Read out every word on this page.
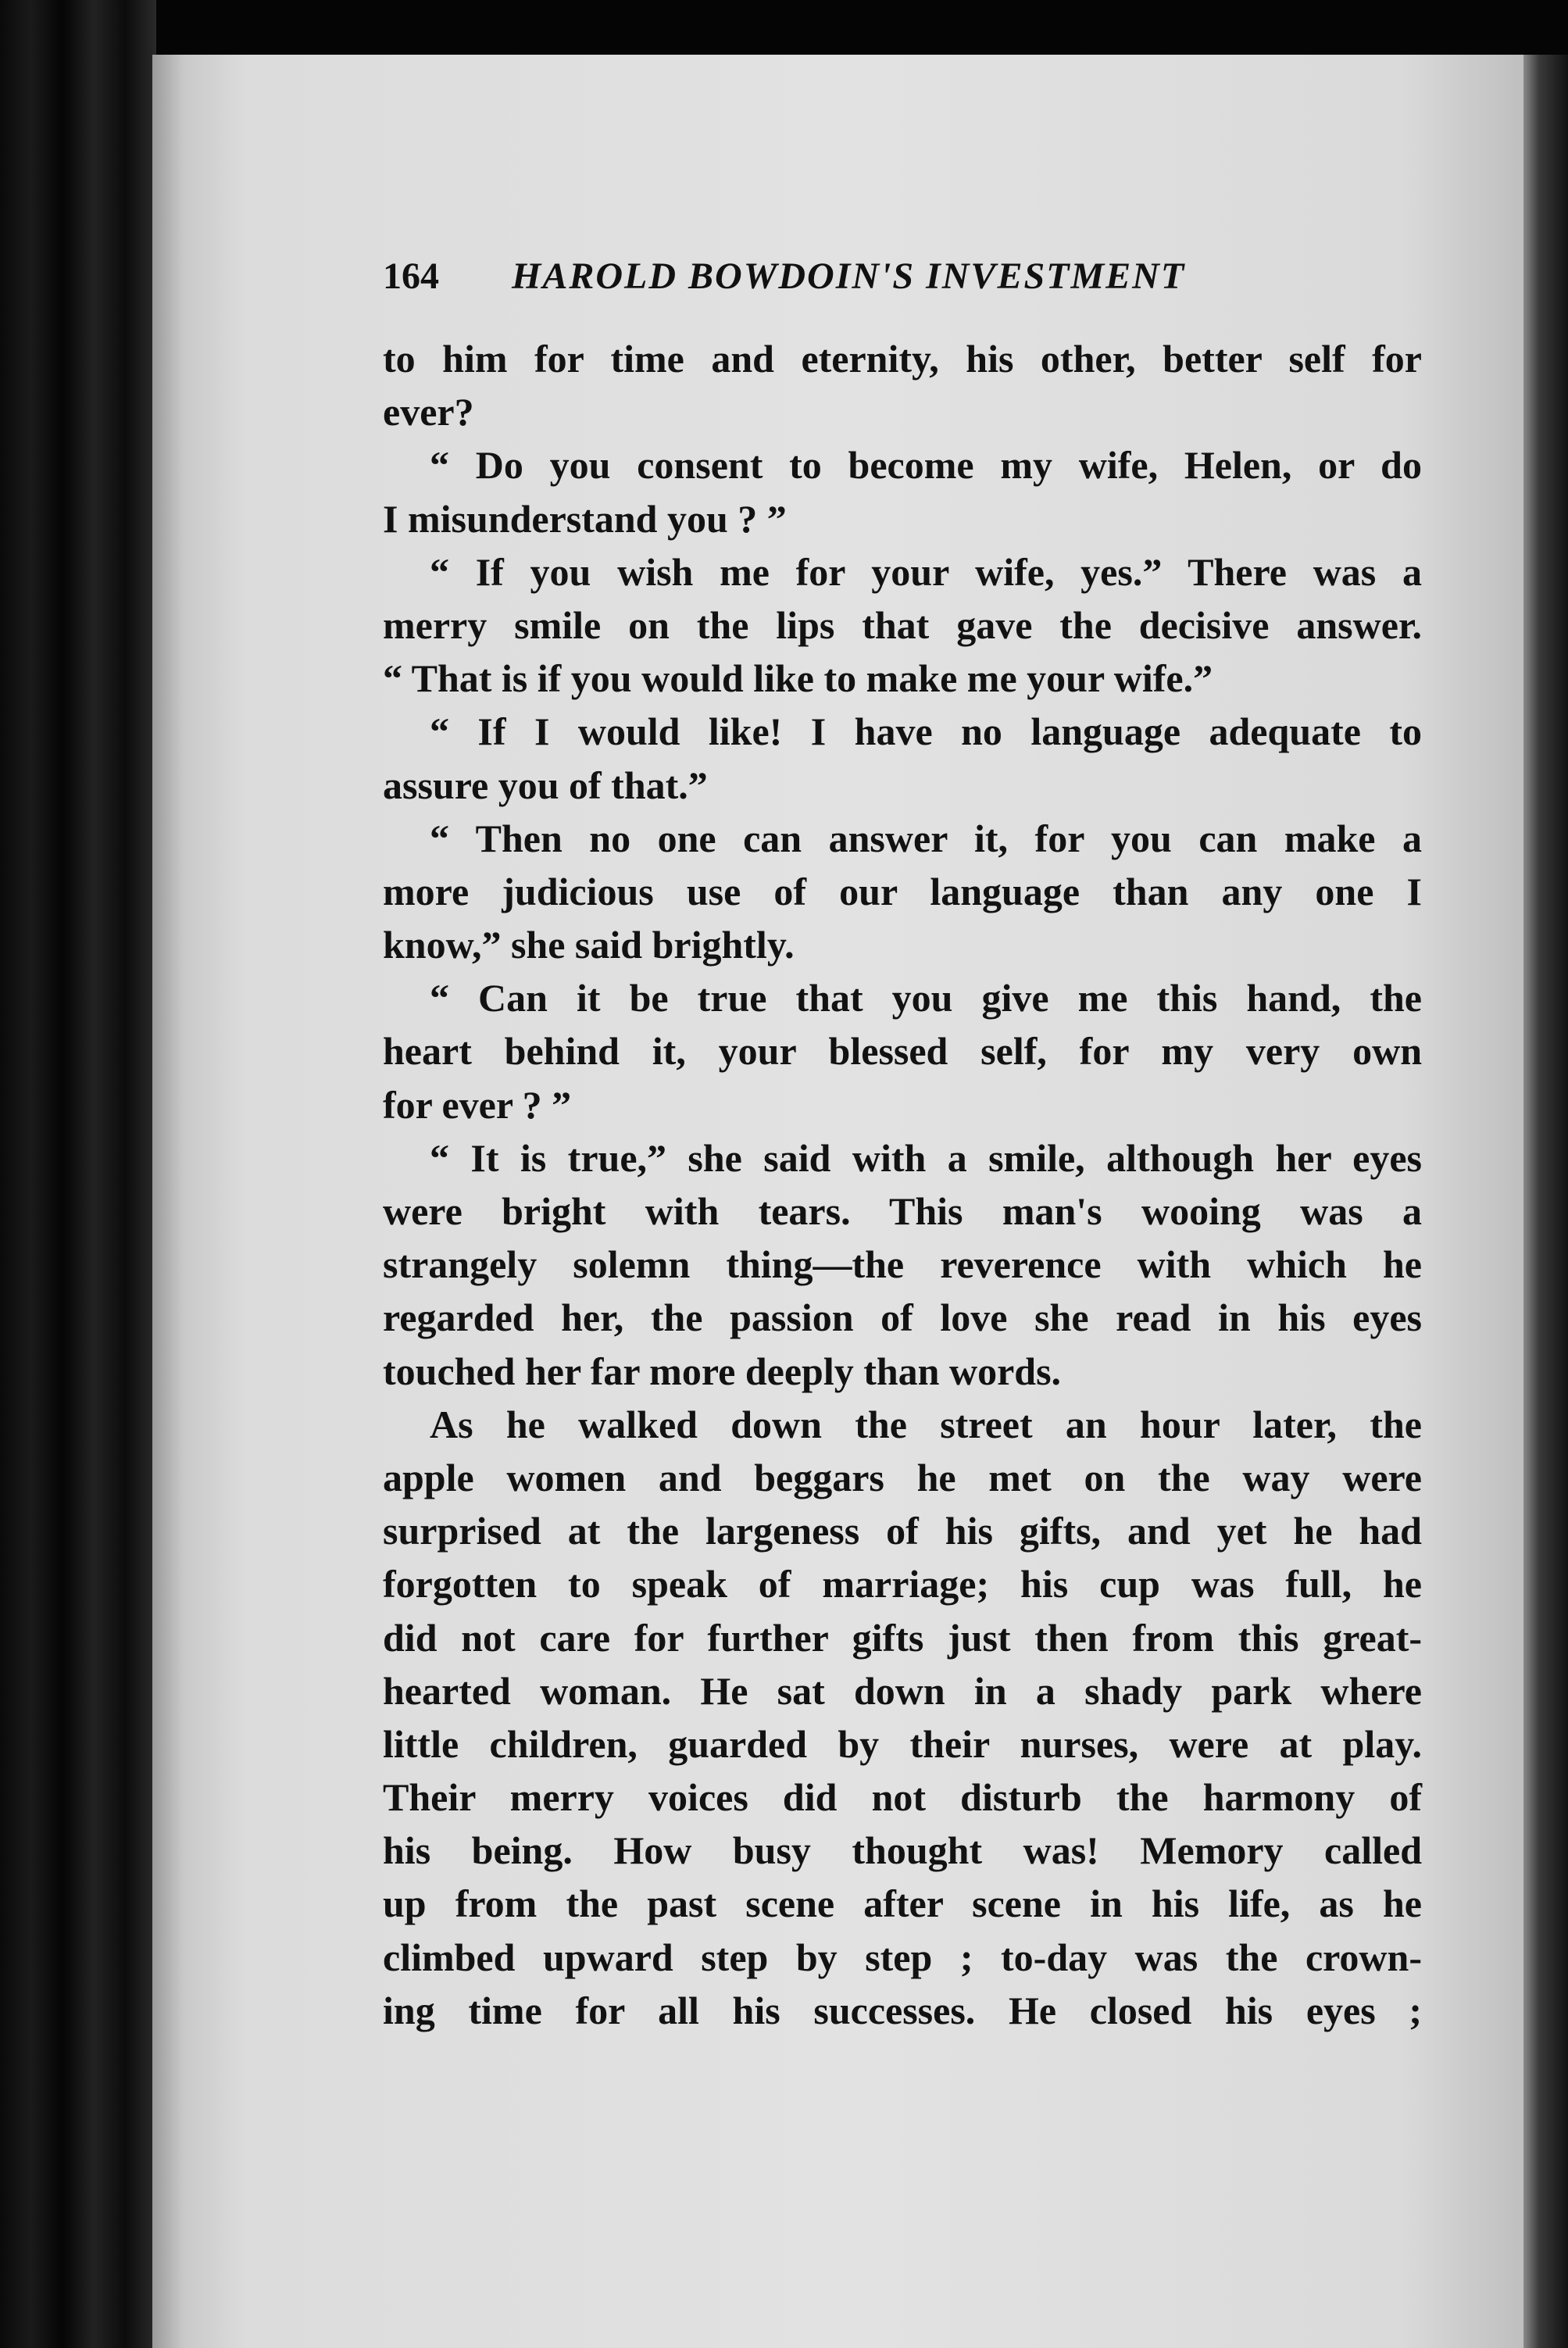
164 HAROLD BOWDOIN'S INVESTMENT
to him for time and eternity, his other, better self for
ever?
“ Do you consent to become my wife, Helen, or do
I misunderstand you ? ”
“ If you wish me for your wife, yes.” There was a
merry smile on the lips that gave the decisive answer.
“ That is if you would like to make me your wife.”
“ If I would like! I have no language adequate to
assure you of that.”
“ Then no one can answer it, for you can make a
more judicious use of our language than any one I
know,” she said brightly.
“ Can it be true that you give me this hand, the
heart behind it, your blessed self, for my very own
for ever ? ”
“ It is true,” she said with a smile, although her eyes
were bright with tears. This man's wooing was a
strangely solemn thing—the reverence with which he
regarded her, the passion of love she read in his eyes
touched her far more deeply than words.
As he walked down the street an hour later, the
apple women and beggars he met on the way were
surprised at the largeness of his gifts, and yet he had
forgotten to speak of marriage; his cup was full, he
did not care for further gifts just then from this great-
hearted woman. He sat down in a shady park where
little children, guarded by their nurses, were at play.
Their merry voices did not disturb the harmony of
his being. How busy thought was! Memory called
up from the past scene after scene in his life, as he
climbed upward step by step ; to-day was the crown-
ing time for all his successes. He closed his eyes ;
